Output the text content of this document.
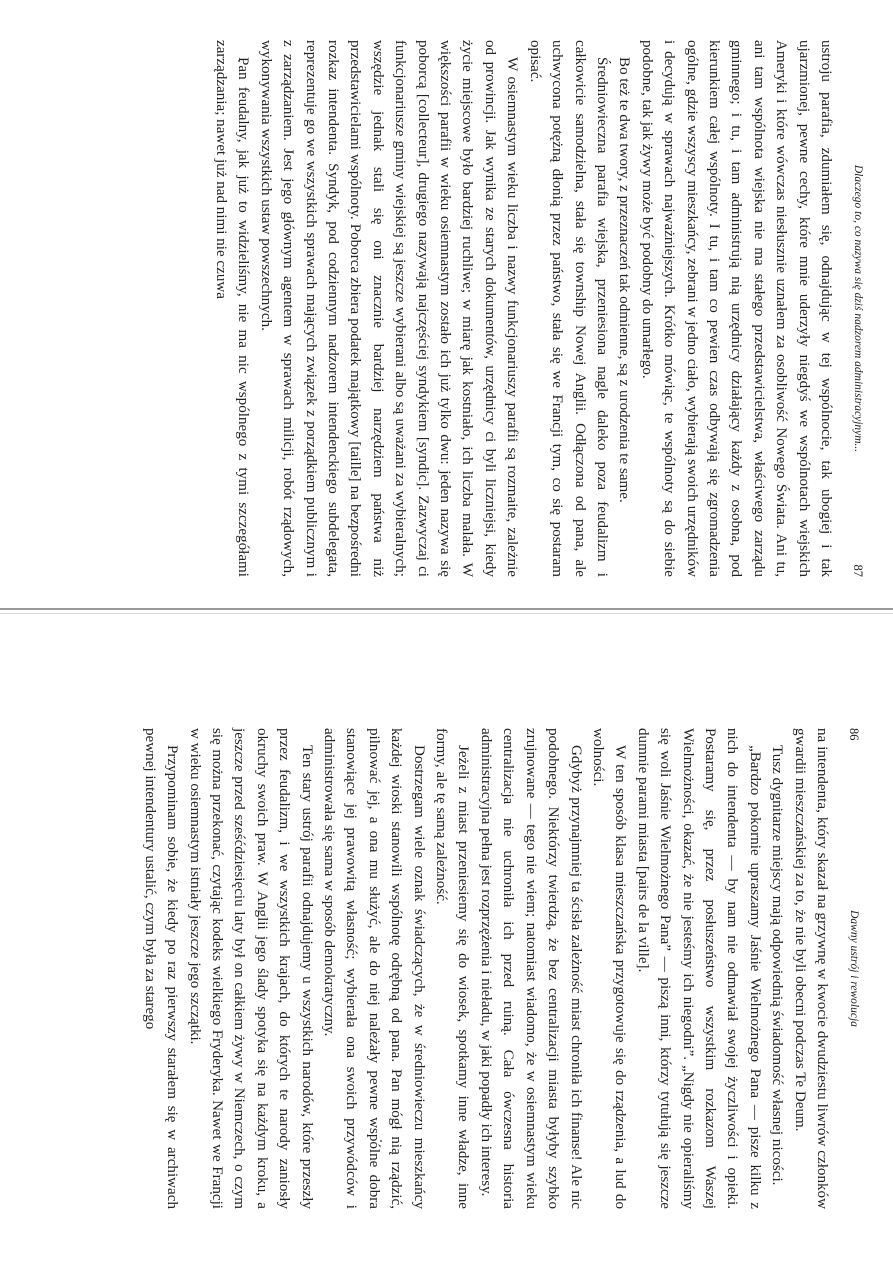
86
Dawny ustrój i rewolucja

na intendenta, który skazał na grzywnę w kwocie dwudziestu liwrów członków gwardii mieszczańskiej za to, że nie byli obecni podczas Te Deum.

Tusz dygnitarze miejscy mają odpowiednią świadomość własnej nicości.

„Bardzo pokornie upraszamy Jaśnie Wielmożnego Pana — pisze kilku z nich do intendenta — by nam nie odmawiał swojej życzliwości i opieki. Postaramy się, przez posłuszeństwo wszystkim rozkazom Waszej Wielmożności, okazać, że nie jesteśmy ich niegodni”. „Nigdy nie opieraliśmy się woli Jaśnie Wielmożnego Pana” — piszą inni, którzy tytułują się jeszcze dumnie parami miasta [pairs de la ville].

W ten sposób klasa mieszczańska przygotowuje się do rządzenia, a lud do wolności.

Gdybyż przynajmniej ta ścisła zależność miast chroniła ich finanse! Ale nic podobnego. Niektórzy twierdzą, że bez centralizacji miasta byłyby szybko zrujnowane — tego nie wiem; natomiast wiadomo, że w osiemnastym wieku centralizacja nie uchroniła ich przed ruiną. Cała ówczesna historia administracyjna pełna jest rozprzężenia i nieładu, w jaki popadły ich interesy.

Jeżeli z miast przeniesiemy się do wiosek, spotkamy inne władze, inne formy, ale tę samą zależność.

Dostrzegam wiele oznak świadczących, że w średniowieczu mieszkańcy każdej wioski stanowili wspólnotę odrębną od pana. Pan mógł nią rządzić, pilnować jej, a ona mu służyć, ale do niej należały pewne wspólne dobra stanowiące jej prawowitą własność; wybierała ona swoich przywódców i administrowała się sama w sposób demokratyczny.

Ten stary ustrój parafii odnajdujemy u wszystkich narodów, które przeszły przez feudalizm, i we wszystkich krajach, do których te narody zaniosły okruchy swoich praw. W Anglii jego ślady spotyka się na każdym kroku, a jeszcze przed sześćdziesięciu laty był on całkiem żywy w Niemczech, o czym się można przekonać, czytając kodeks wielkiego Fryderyka. Nawet we Francji w wieku osiemnastym istniały jeszcze jego szczątki.

Przypominam sobie, że kiedy po raz pierwszy starałem się w archiwach pewnej intendentury ustalić, czym była za starego

Dlaczego to, co nazywa się dziś nadzorem administracyjnym...
87

ustroju parafia, zdumiałem się, odnajdując w tej wspólnocie, tak ubogiej i tak ujarzmionej, pewne cechy, które mnie uderzyły niegdyś we wspólnotach wiejskich Ameryki i które wówczas niesłusznie uznałem za osobliwość Nowego Świata. Ani tu, ani tam wspólnota wiejska nie ma stałego przedstawicielstwa, właściwego zarządu gminnego; i tu, i tam administrują nią urzędnicy działający każdy z osobna, pod kierunkiem całej wspólnoty. I tu, i tam co pewien czas odbywają się zgromadzenia ogólne, gdzie wszyscy mieszkańcy, zebrani w jedno ciało, wybierają swoich urzędników i decydują w sprawach najważniejszych. Krótko mówiąc, te wspólnoty są do siebie podobne, tak jak żywy może być podobny do umarłego.

Bo też te dwa twory, z przeznaczeń tak odmienne, są z urodzenia te same.

Średniowieczna parafia wiejska, przeniesiona nagle daleko poza feudalizm i całkowicie samodzielna, stała się township Nowej Anglii. Odłączona od pana, ale uchwycona potężną dłonią przez państwo, stała się we Francji tym, co się postaram opisać.

W osiemnastym wieku liczba i nazwy funkcjonariuszy parafii są rozmaite, zależnie od prowincji. Jak wynika ze starych dokumentów, urzędnicy ci byli liczniejsi, kiedy życie miejscowe było bardziej ruchliwe; w miarę jak kostniało, ich liczba malała. W większości parafii w wieku osiemnastym zostało ich już tylko dwu: jeden nazywa się poborcą [collecteur], drugiego nazywają najczęściej syndykiem [syndic]. Zazwyczaj ci funkcjonariusze gminy wiejskiej są jeszcze wybierani albo są uważani za wybieralnych; wszędzie jednak stali się oni znacznie bardziej narzędziem państwa niż przedstawicielami wspólnoty. Poborca zbiera podatek majątkowy [taille] na bezpośredni rozkaz intendenta. Syndyk, pod codziennym nadzorem intendenckiego subdelegata, reprezentuje go we wszystkich sprawach mających związek z porządkiem publicznym i z zarządzaniem. Jest jego głównym agentem w sprawach milicji, robót rządowych, wykonywania wszystkich ustaw powszechnych.

Pan feudalny, jak już to widzieliśmy, nie ma nic wspólnego z tymi szczegółami zarządzania; nawet już nad nimi nie czuwa
